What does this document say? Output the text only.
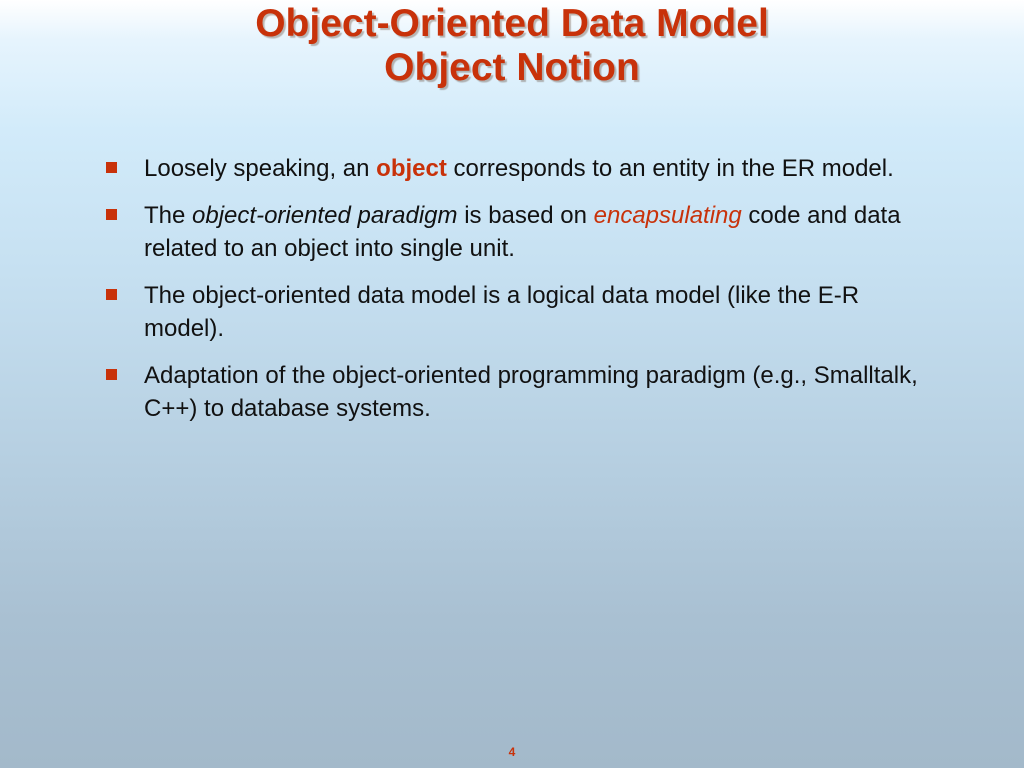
Object-Oriented Data Model
Object Notion
Loosely speaking, an object corresponds to an entity in the ER model.
The object-oriented paradigm is based on encapsulating code and data related to an object into single unit.
The object-oriented data model is a logical data model (like the E-R model).
Adaptation of the object-oriented programming paradigm (e.g., Smalltalk, C++) to database systems.
4
